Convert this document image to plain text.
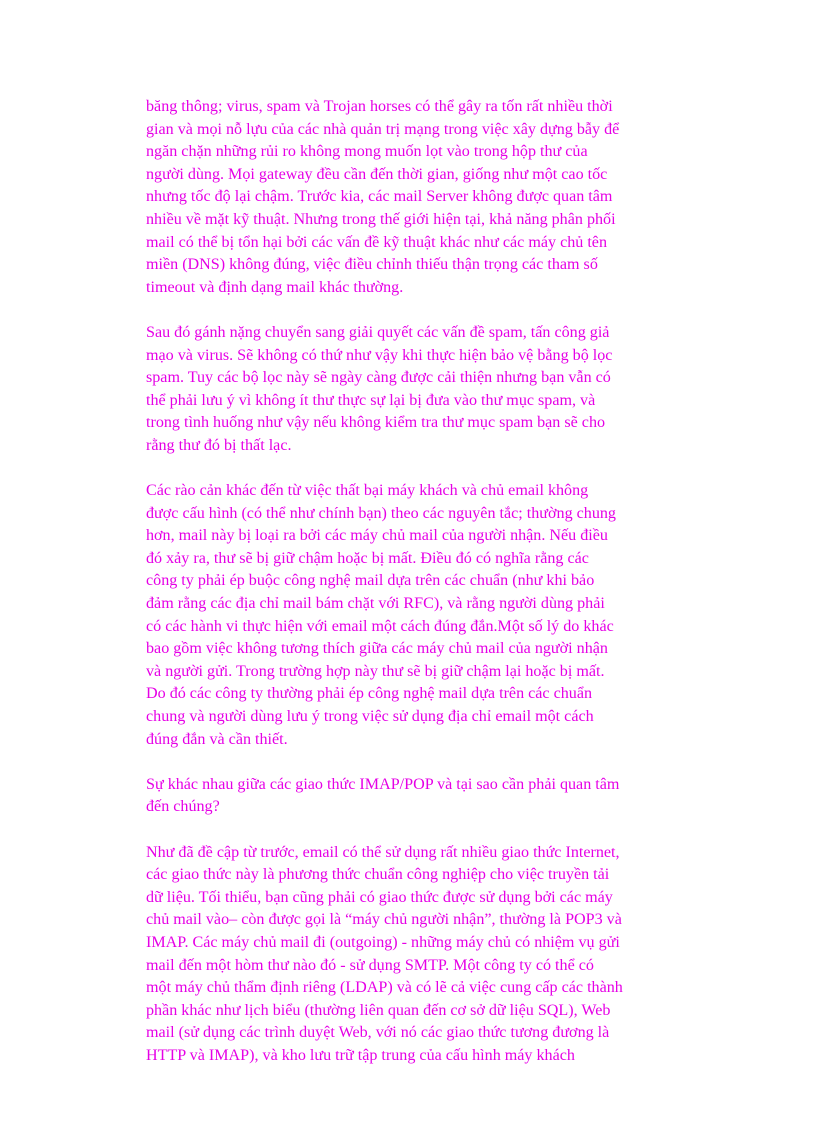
băng thông; virus, spam và Trojan horses có thể gây ra tốn rất nhiều thời
gian và mọi nỗ lựu của các nhà quản trị mạng trong việc xây dựng bẫy để
ngăn chặn những rủi ro không mong muốn lọt vào trong hộp thư của
người dùng. Mọi gateway đều cần đến thời gian, giống như một cao tốc
nhưng tốc độ lại chậm. Trước kia, các mail Server không được quan tâm
nhiều về mặt kỹ thuật. Nhưng trong thế giới hiện tại, khả năng phân phối
mail có thể bị tổn hại bởi các vấn đề kỹ thuật khác như các máy chủ tên
miền (DNS) không đúng, việc điều chỉnh thiếu thận trọng các tham số
timeout và định dạng mail khác thường.

Sau đó gánh nặng chuyển sang giải quyết các vấn đề spam, tấn công giả
mạo và virus. Sẽ không có thứ như vậy khi thực hiện bảo vệ bằng bộ lọc
spam. Tuy các bộ lọc này sẽ ngày càng được cải thiện nhưng bạn vẫn có
thể phải lưu ý vì không ít thư thực sự lại bị đưa vào thư mục spam, và
trong tình huống như vậy nếu không kiểm tra thư mục spam bạn sẽ cho
rằng thư đó bị thất lạc.

Các rào cản khác đến từ việc thất bại máy khách và chủ email không
được cấu hình (có thể như chính bạn) theo các nguyên tắc; thường chung
hơn, mail này bị loại ra bởi các máy chủ mail của người nhận. Nếu điều
đó xảy ra, thư sẽ bị giữ chậm hoặc bị mất. Điều đó có nghĩa rằng các
công ty phải ép buộc công nghệ mail dựa trên các chuẩn (như khi bảo
đảm rằng các địa chỉ mail bám chặt với RFC), và rằng người dùng phải
có các hành vi thực hiện với email một cách đúng đắn.Một số lý do khác
bao gồm việc không tương thích giữa các máy chủ mail của người nhận
và người gửi. Trong trường hợp này thư sẽ bị giữ chậm lại hoặc bị mất.
Do đó các công ty thường phải ép công nghệ mail dựa trên các chuẩn
chung và người dùng lưu ý trong việc sử dụng địa chỉ email một cách
đúng đắn và cần thiết.

Sự khác nhau giữa các giao thức IMAP/POP và tại sao cần phải quan tâm
đến chúng?

Như đã đề cập từ trước, email có thể sử dụng rất nhiều giao thức Internet,
các giao thức này là phương thức chuẩn công nghiệp cho việc truyền tải
dữ liệu. Tối thiểu, bạn cũng phải có giao thức được sử dụng bởi các máy
chủ mail vào– còn được gọi là “máy chủ người nhận”, thường là POP3 và
IMAP. Các máy chủ mail đi (outgoing) - những máy chủ có nhiệm vụ gửi
mail đến một hòm thư nào đó - sử dụng SMTP. Một công ty có thể có
một máy chủ thẩm định riêng (LDAP) và có lẽ cả việc cung cấp các thành
phần khác như lịch biểu (thường liên quan đến cơ sở dữ liệu SQL), Web
mail (sử dụng các trình duyệt Web, với nó các giao thức tương đương là
HTTP và IMAP), và kho lưu trữ tập trung của cấu hình máy khách
